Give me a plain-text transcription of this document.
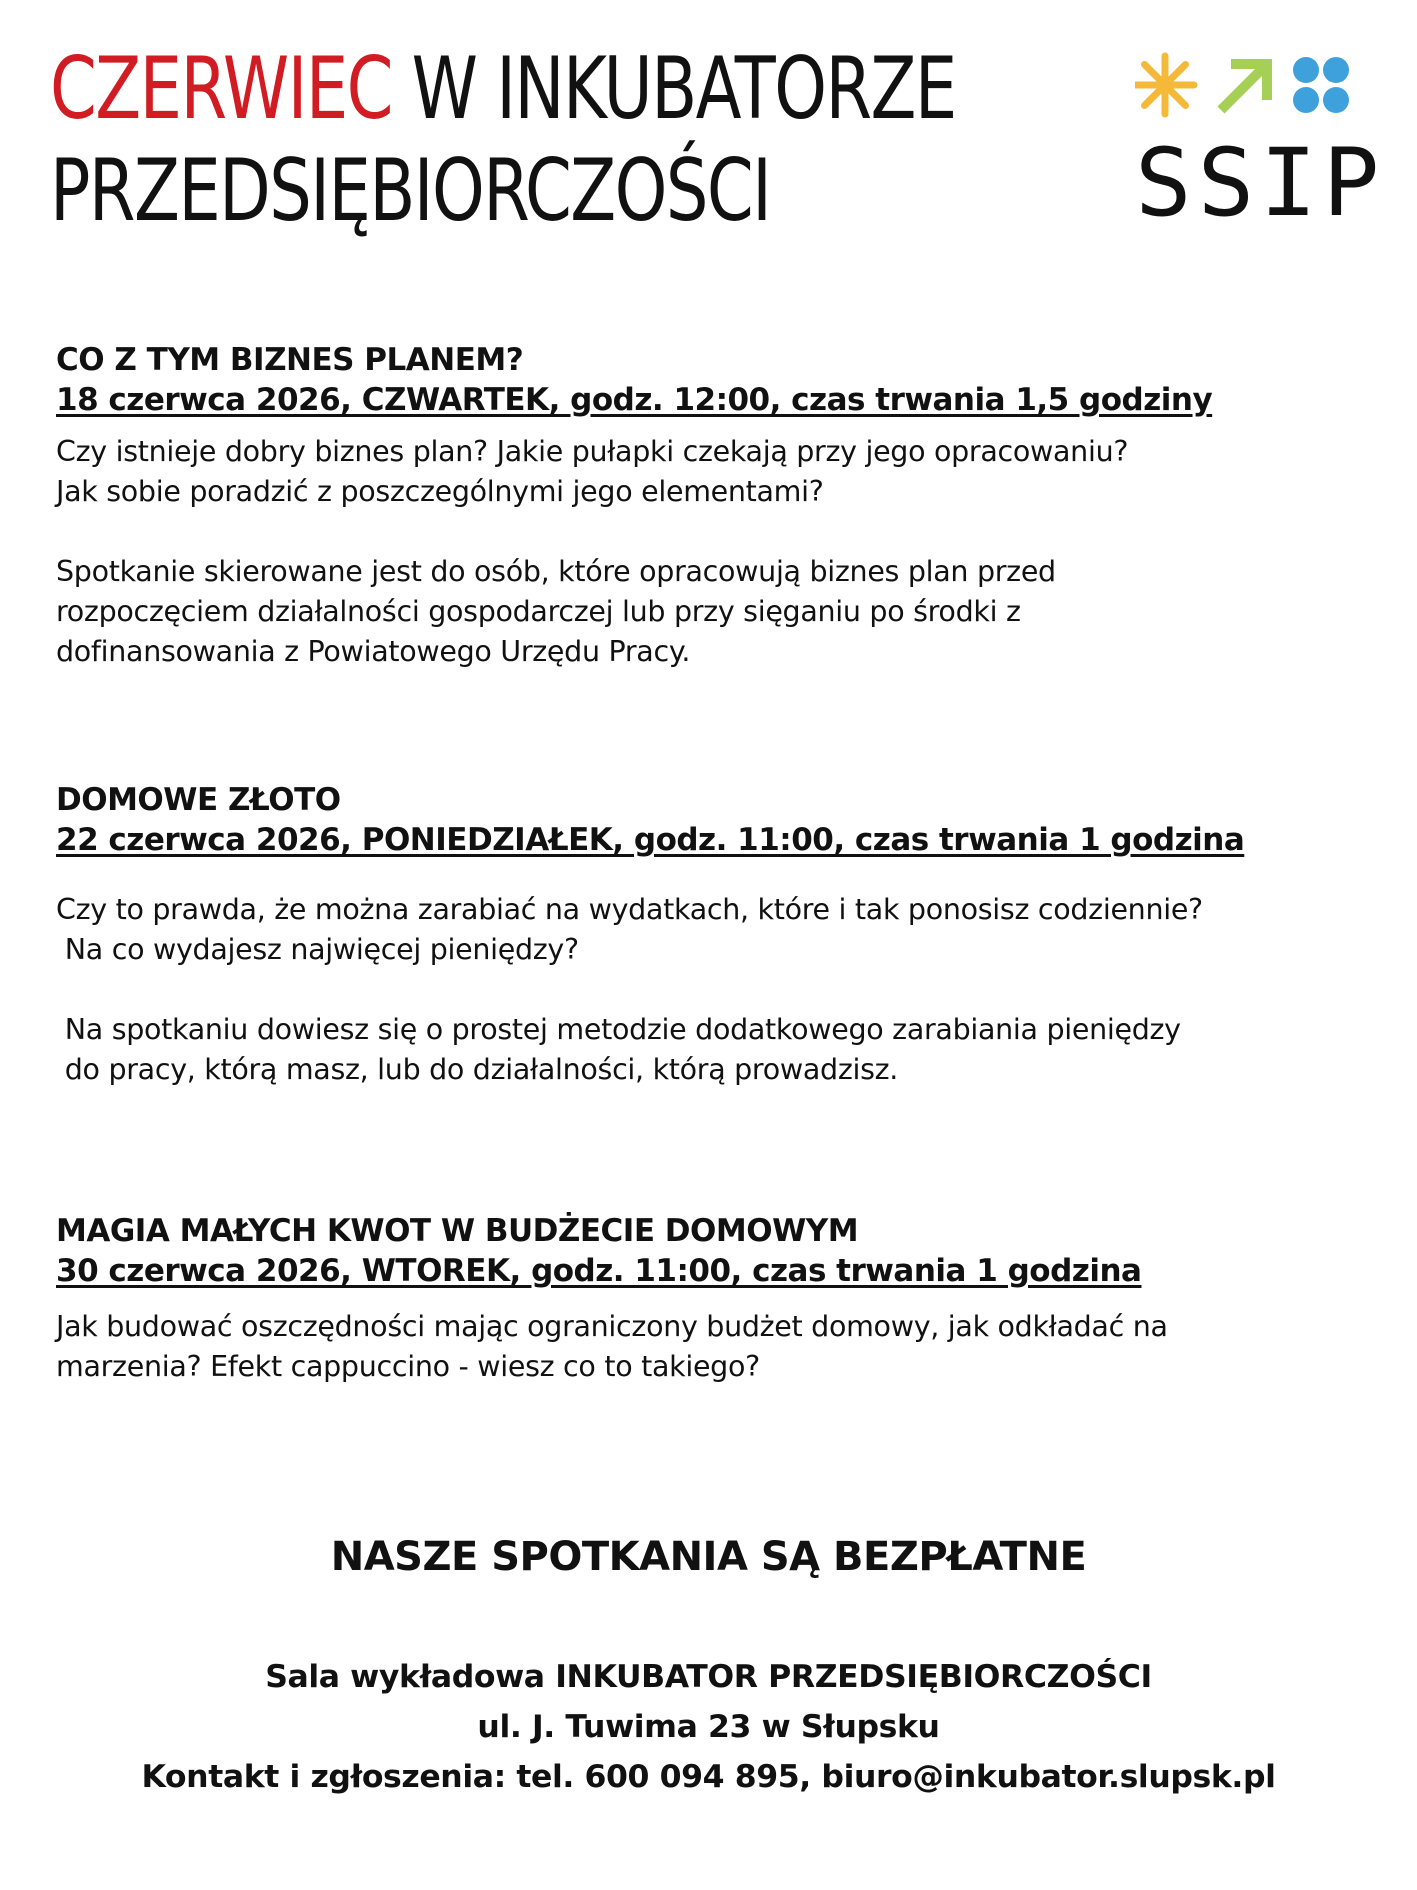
CZERWIEC W INKUBATORZE
PRZEDSIĘBIORCZOŚCI	SSIP
CO Z TYM BIZNES PLANEM?
18 czerwca 2026, CZWARTEK, godz. 12:00, czas trwania 1,5 godziny
Czy istnieje dobry biznes plan? Jakie pułapki czekają przy jego opracowaniu?
Jak sobie poradzić z poszczególnymi jego elementami?
Spotkanie skierowane jest do osób, które opracowują biznes plan przed
rozpoczęciem działalności gospodarczej lub przy sięganiu po środki z
dofinansowania z Powiatowego Urzędu Pracy.
DOMOWE ZŁOTO
22 czerwca 2026, PONIEDZIAŁEK, godz. 11:00, czas trwania 1 godzina
Czy to prawda, że można zarabiać na wydatkach, które i tak ponosisz codziennie?
Na co wydajesz najwięcej pieniędzy?
Na spotkaniu dowiesz się o prostej metodzie dodatkowego zarabiania pieniędzy
do pracy, którą masz, lub do działalności, którą prowadzisz.
MAGIA MAŁYCH KWOT W BUDŻECIE DOMOWYM
30 czerwca 2026, WTOREK, godz. 11:00, czas trwania 1 godzina
Jak budować oszczędności mając ograniczony budżet domowy, jak odkładać na
marzenia? Efekt cappuccino - wiesz co to takiego?
NASZE SPOTKANIA SĄ BEZPŁATNE
Sala wykładowa INKUBATOR PRZEDSIĘBIORCZOŚCI
ul. J. Tuwima 23 w Słupsku
Kontakt i zgłoszenia: tel. 600 094 895, biuro@inkubator.slupsk.pl
